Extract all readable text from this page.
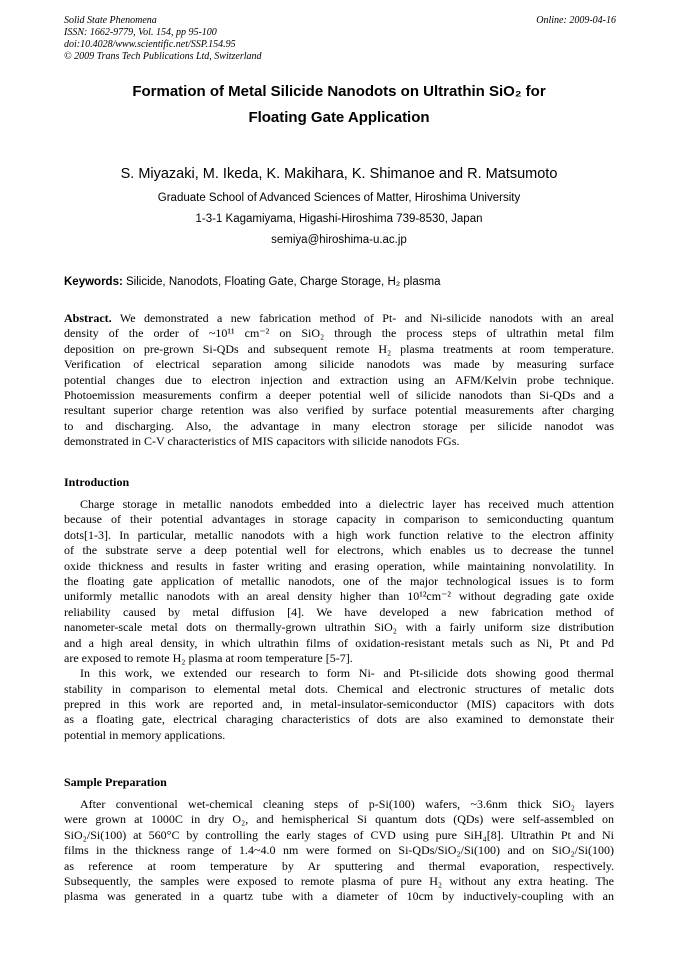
Solid State Phenomena
ISSN: 1662-9779, Vol. 154, pp 95-100
doi:10.4028/www.scientific.net/SSP.154.95
© 2009 Trans Tech Publications Ltd, Switzerland
Online: 2009-04-16
Formation of Metal Silicide Nanodots on Ultrathin SiO₂ for
Floating Gate Application
S. Miyazaki, M. Ikeda, K. Makihara, K. Shimanoe and R. Matsumoto
Graduate School of Advanced Sciences of Matter, Hiroshima University
1-3-1 Kagamiyama, Higashi-Hiroshima 739-8530, Japan
semiya@hiroshima-u.ac.jp
Keywords: Silicide, Nanodots, Floating Gate, Charge Storage, H₂ plasma
Abstract. We demonstrated a new fabrication method of Pt- and Ni-silicide nanodots with an areal
density of the order of ~10¹¹ cm⁻² on SiO₂ through the process steps of ultrathin metal film
deposition on pre-grown Si-QDs and subsequent remote H₂ plasma treatments at room temperature.
Verification of electrical separation among silicide nanodots was made by measuring surface
potential changes due to electron injection and extraction using an AFM/Kelvin probe technique.
Photoemission measurements confirm a deeper potential well of silicide nanodots than Si-QDs and a
resultant superior charge retention was also verified by surface potential measurements after charging
to and discharging. Also, the advantage in many electron storage per silicide nanodot was
demonstrated in C-V characteristics of MIS capacitors with silicide nanodots FGs.
Introduction
Charge storage in metallic nanodots embedded into a dielectric layer has received much attention
because of their potential advantages in storage capacity in comparison to semiconducting quantum
dots[1-3]. In particular, metallic nanodots with a high work function relative to the electron affinity
of the substrate serve a deep potential well for electrons, which enables us to decrease the tunnel
oxide thickness and results in faster writing and erasing operation, while maintaining nonvolatility. In
the floating gate application of metallic nanodots, one of the major technological issues is to form
uniformly metallic nanodots with an areal density higher than 10¹²cm⁻² without degrading gate oxide
reliability caused by metal diffusion [4]. We have developed a new fabrication method of
nanometer-scale metal dots on thermally-grown ultrathin SiO₂ with a fairly uniform size distribution
and a high areal density, in which ultrathin films of oxidation-resistant metals such as Ni, Pt and Pd
are exposed to remote H₂ plasma at room temperature [5-7].
In this work, we extended our research to form Ni- and Pt-silicide dots showing good thermal
stability in comparison to elemental metal dots. Chemical and electronic structures of metalic dots
prepred in this work are reported and, in metal-insulator-semiconductor (MIS) capacitors with dots
as a floating gate, electrical charaging characteristics of dots are also examined to demonstate their
potential in memory applications.
Sample Preparation
After conventional wet-chemical cleaning steps of p-Si(100) wafers, ~3.6nm thick SiO₂ layers
were grown at 1000C in dry O₂, and hemispherical Si quantum dots (QDs) were self-assembled on
SiO₂/Si(100) at 560°C by controlling the early stages of CVD using pure SiH₄[8]. Ultrathin Pt and Ni
films in the thickness range of 1.4~4.0 nm were formed on Si-QDs/SiO₂/Si(100) and on SiO₂/Si(100)
as reference at room temperature by Ar sputtering and thermal evaporation, respectively.
Subsequently, the samples were exposed to remote plasma of pure H₂ without any extra heating. The
plasma was generated in a quartz tube with a diameter of 10cm by inductively-coupling with an
